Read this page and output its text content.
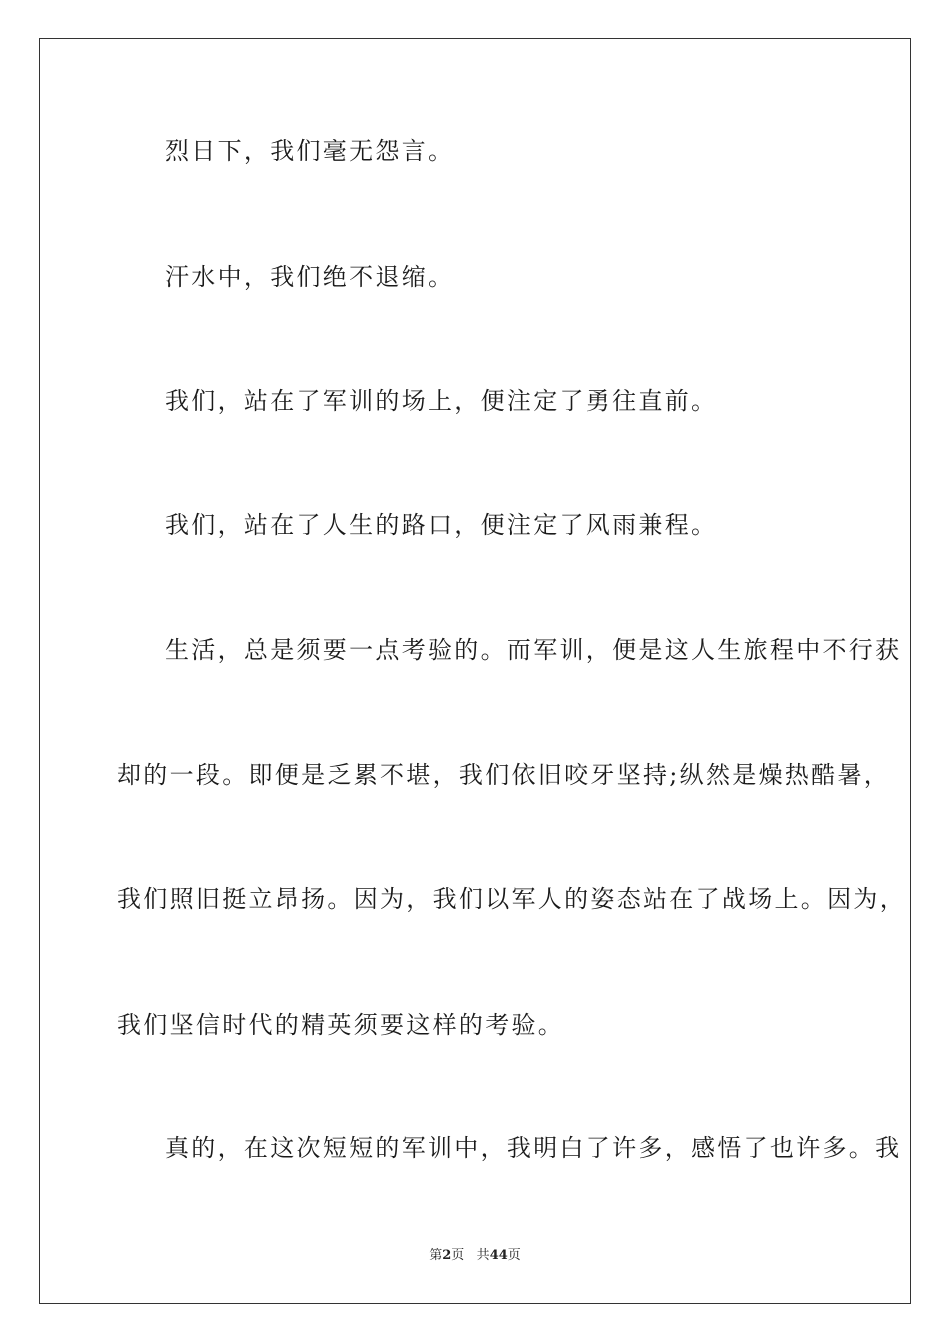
烈日下，我们毫无怨言。
汗水中，我们绝不退缩。
我们，站在了军训的场上，便注定了勇往直前。
我们，站在了人生的路口，便注定了风雨兼程。
生活，总是须要一点考验的。而军训，便是这人生旅程中不行获
却的一段。即便是乏累不堪，我们依旧咬牙坚持;纵然是燥热酷暑，
我们照旧挺立昂扬。因为，我们以军人的姿态站在了战场上。因为，
我们坚信时代的精英须要这样的考验。
真的，在这次短短的军训中，我明白了许多，感悟了也许多。我
第2页 共44页
